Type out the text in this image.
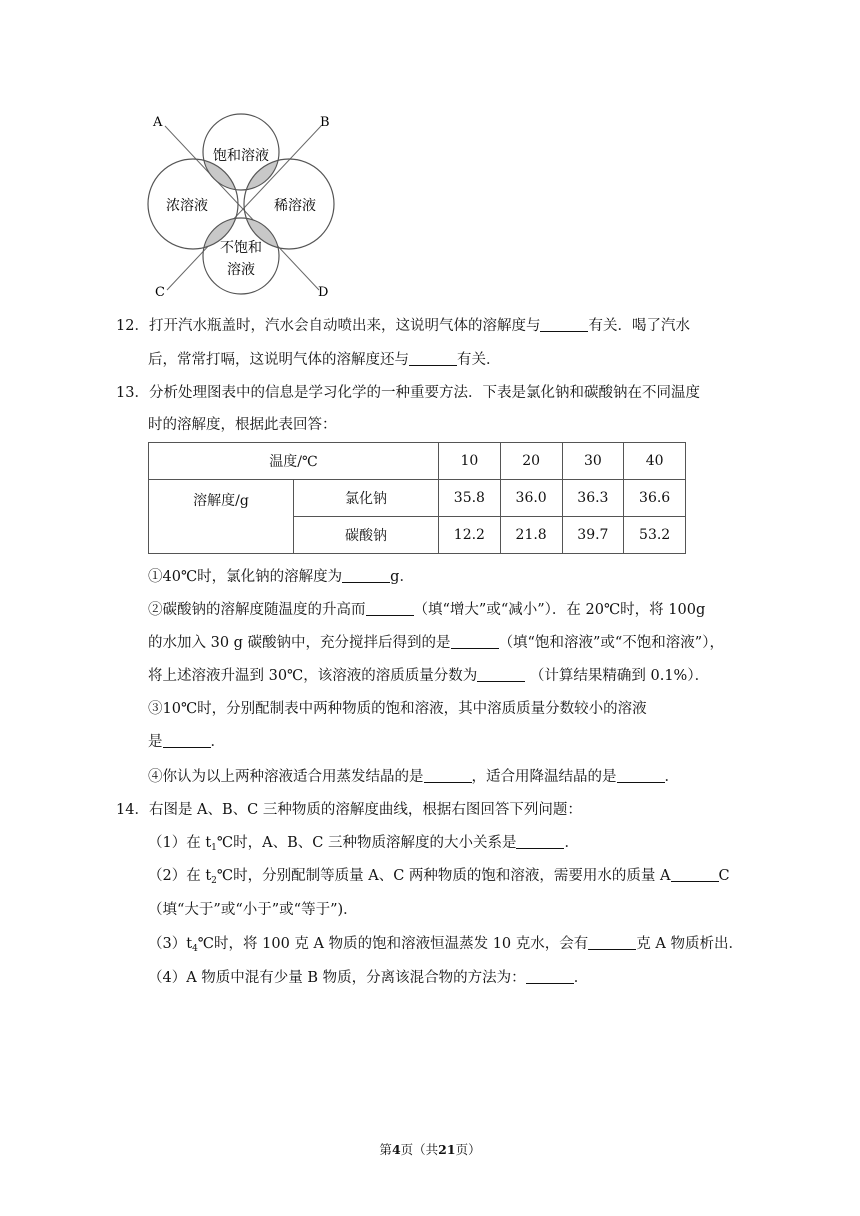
A	B
C	D
饱和溶液
浓溶液	稀溶液
不饱和
溶液
12．打开汽水瓶盖时，汽水会自动喷出来，这说明气体的溶解度与	有关．喝了汽水
后，常常打嗝，这说明气体的溶解度还与	有关．
13．分析处理图表中的信息是学习化学的一种重要方法．下表是氯化钠和碳酸钠在不同温度
时的溶解度，根据此表回答：
温度/℃		10	20	30	40
溶解度/g	氯化钠	35.8	36.0	36.3	36.6
	碳酸钠	12.2	21.8	39.7	53.2
①40℃时，氯化钠的溶解度为	g．
②碳酸钠的溶解度随温度的升高而	（填“增大”或“减小”）．在 20℃时，将 100g
的水加入 30 g 碳酸钠中，充分搅拌后得到的是	（填“饱和溶液”或“不饱和溶液”），
将上述溶液升温到 30℃，该溶液的溶质质量分数为	（计算结果精确到 0.1%）．
③10℃时，分别配制表中两种物质的饱和溶液，其中溶质质量分数较小的溶液
是	．
④你认为以上两种溶液适合用蒸发结晶的是	，适合用降温结晶的是	．
14．右图是 A、B、C 三种物质的溶解度曲线，根据右图回答下列问题：
（1）在 $t_1℃$时，A、B、C 三种物质溶解度的大小关系是	．
（2）在 $t_2℃$时，分别配制等质量 A、C 两种物质的饱和溶液，需要用水的质量 A	C
（填“大于”或“小于”或“等于”)．
$(3)t_4℃$时，将 100 克 A 物质的饱和溶液恒温蒸发 10 克水，会有	克 A 物质析出．
（4）A 物质中混有少量 B 物质，分离该混合物的方法为：	．
第4页（共21页）
